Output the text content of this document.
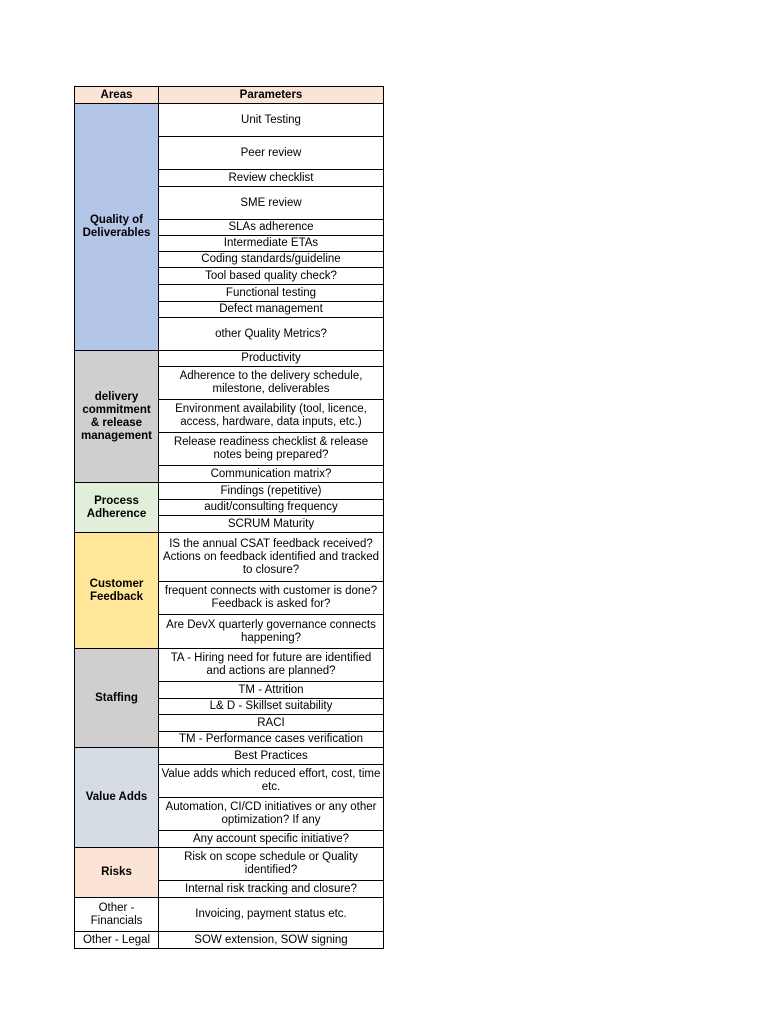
Areas	Parameters
Quality of Deliverables	Unit Testing
	Peer review
	Review checklist
	SME review
	SLAs adherence
	Intermediate ETAs
	Coding standards/guideline
	Tool based quality check?
	Functional testing
	Defect management
	other Quality Metrics?
delivery commitment & release management	Productivity
	Adherence to the delivery schedule, milestone, deliverables
	Environment availability (tool, licence, access, hardware, data inputs, etc.)
	Release readiness checklist & release notes being prepared?
	Communication matrix?
Process Adherence	Findings (repetitive)
	audit/consulting frequency
	SCRUM Maturity
Customer Feedback	IS the annual CSAT feedback received? Actions on feedback identified and tracked to closure?
	frequent connects with customer is done? Feedback is asked for?
	Are DevX quarterly governance connects happening?
Staffing	TA - Hiring need for future are identified and actions are planned?
	TM - Attrition
	L& D - Skillset suitability
	RACI
	TM - Performance cases verification
Value Adds	Best Practices
	Value adds which reduced effort, cost, time etc.
	Automation, CI/CD initiatives or any other optimization? If any
	Any account specific initiative?
Risks	Risk on scope schedule or Quality identified?
	Internal risk tracking and closure?
Other - Financials	Invoicing, payment status etc.
Other - Legal	SOW extension, SOW signing
